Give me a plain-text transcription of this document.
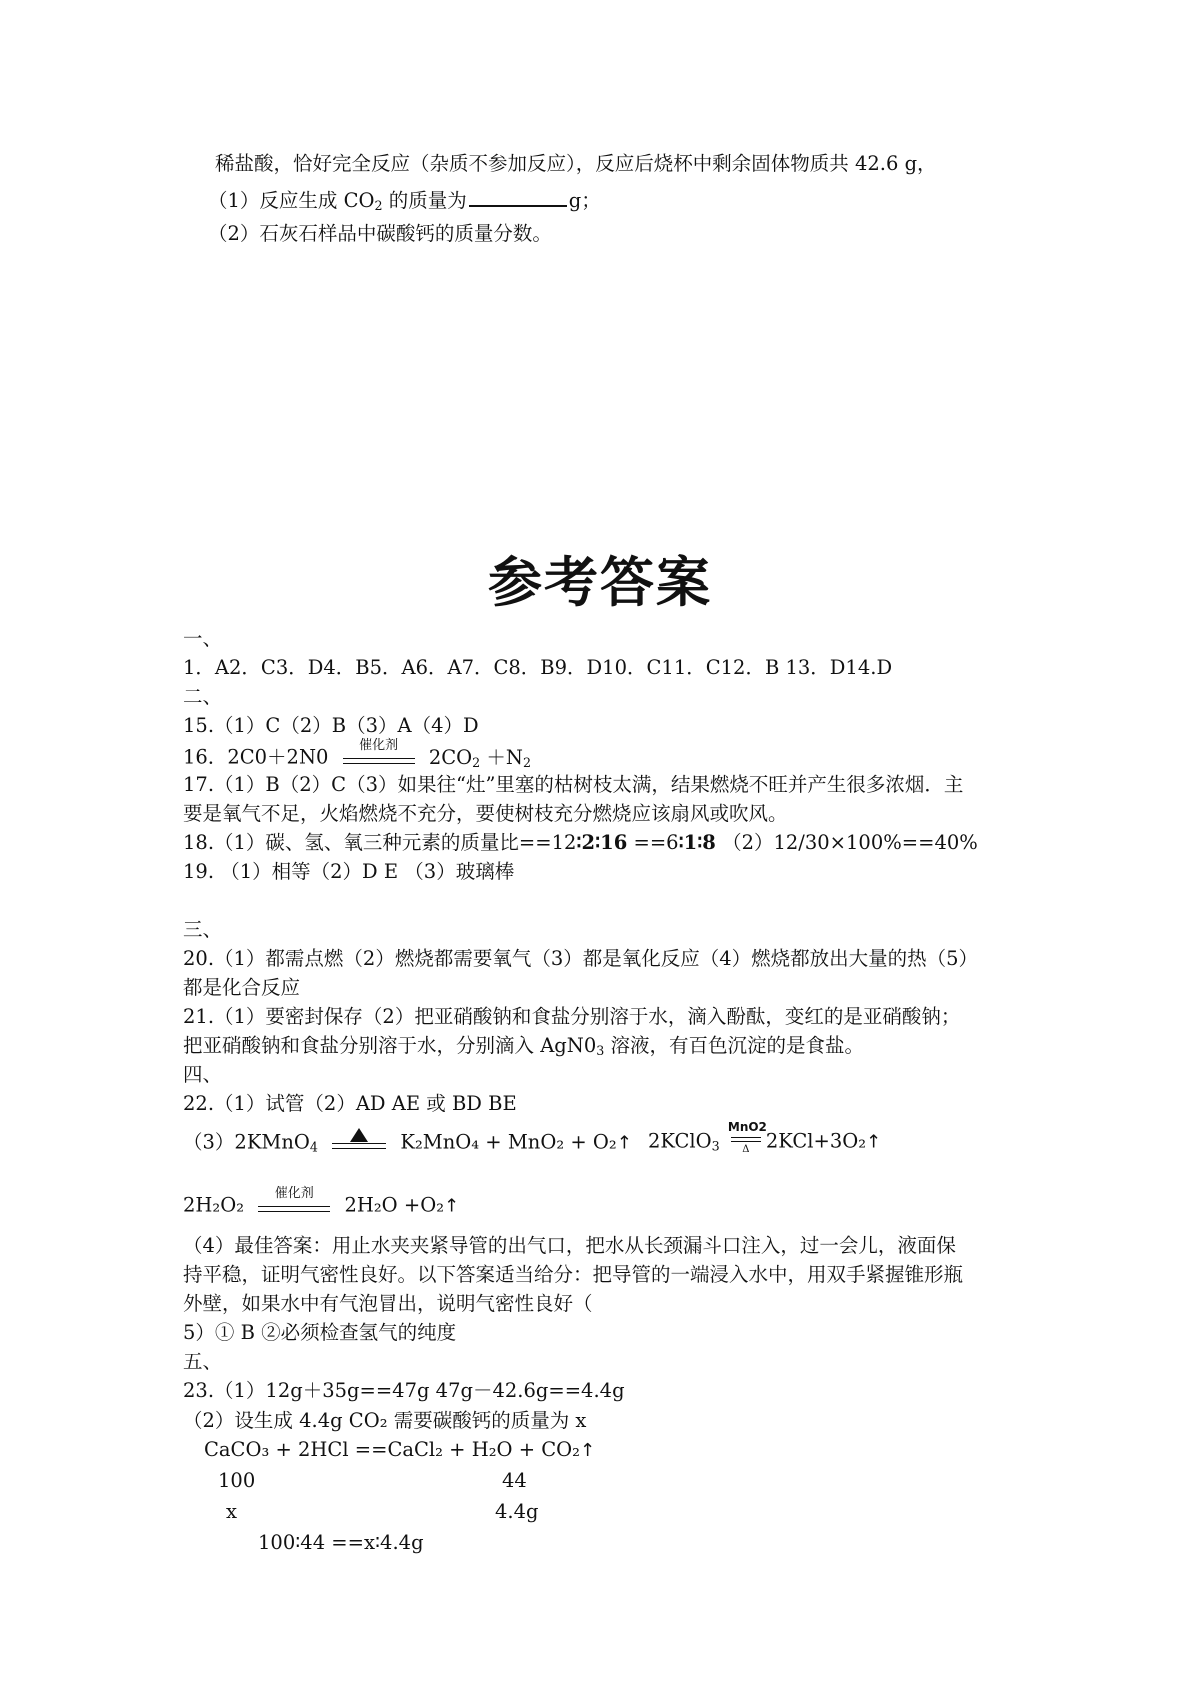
稀盐酸，恰好完全反应（杂质不参加反应），反应后烧杯中剩余固体物质共 42.6 g，
（1）反应生成 $CO_2$ 的质量为	g；
（2）石灰石样品中碳酸钙的质量分数。
参考答案
一、
1．A2．C3．D4．B5．A6．A7．C8．B9．D10．C11．C12．B 13．D14.D
二、
15.（1）C（2）B（3）A（4）D
16．2C0＋2N0	催化剂	$2CO_2 +N_2$
17.（1）B（2）C（3）如果往“灶”里塞的枯树枝太满，结果燃烧不旺并产生很多浓烟．主
要是氧气不足，火焰燃烧不充分，要使树枝充分燃烧应该扇风或吹风。
18.（1）碳、氢、氧三种元素的质量比==12∶2∶16 ==6∶1∶8 （2）12/30×100%==40%
19. （1）相等（2）D E （3）玻璃棒
三、
20.（1）都需点燃（2）燃烧都需要氧气（3）都是氧化反应（4）燃烧都放出大量的热（5）
都是化合反应
21.（1）要密封保存（2）把亚硝酸钠和食盐分别溶于水，滴入酚酞，变红的是亚硝酸钠；
把亚硝酸钠和食盐分别溶于水，分别滴入 $AgN0_3$ 溶液，有百色沉淀的是食盐。
四、
22.（1）试管（2）AD AE 或 BD BE
（3）2KMnO$_4$	K₂MnO₄ + MnO₂ + O₂↑ 2KClO$_3$
MnO2
Δ 2KCl+3O₂↑
2H₂O₂	催化剂	2H₂O +O₂↑
（4）最佳答案：用止水夹夹紧导管的出气口，把水从长颈漏斗口注入，过一会儿，液面保
持平稳，证明气密性良好。以下答案适当给分：把导管的一端浸入水中，用双手紧握锥形瓶
外壁，如果水中有气泡冒出，说明气密性良好（
5）① B ②必须检查氢气的纯度
五、
23.（1）12g＋35g==47g 47g－42.6g==4.4g
（2）设生成 4.4g CO₂ 需要碳酸钙的质量为 x
CaCO₃ + 2HCl ==CaCl₂ + H₂O + CO₂↑
100	44
x	4.4g
100∶44 ==x∶4.4g
